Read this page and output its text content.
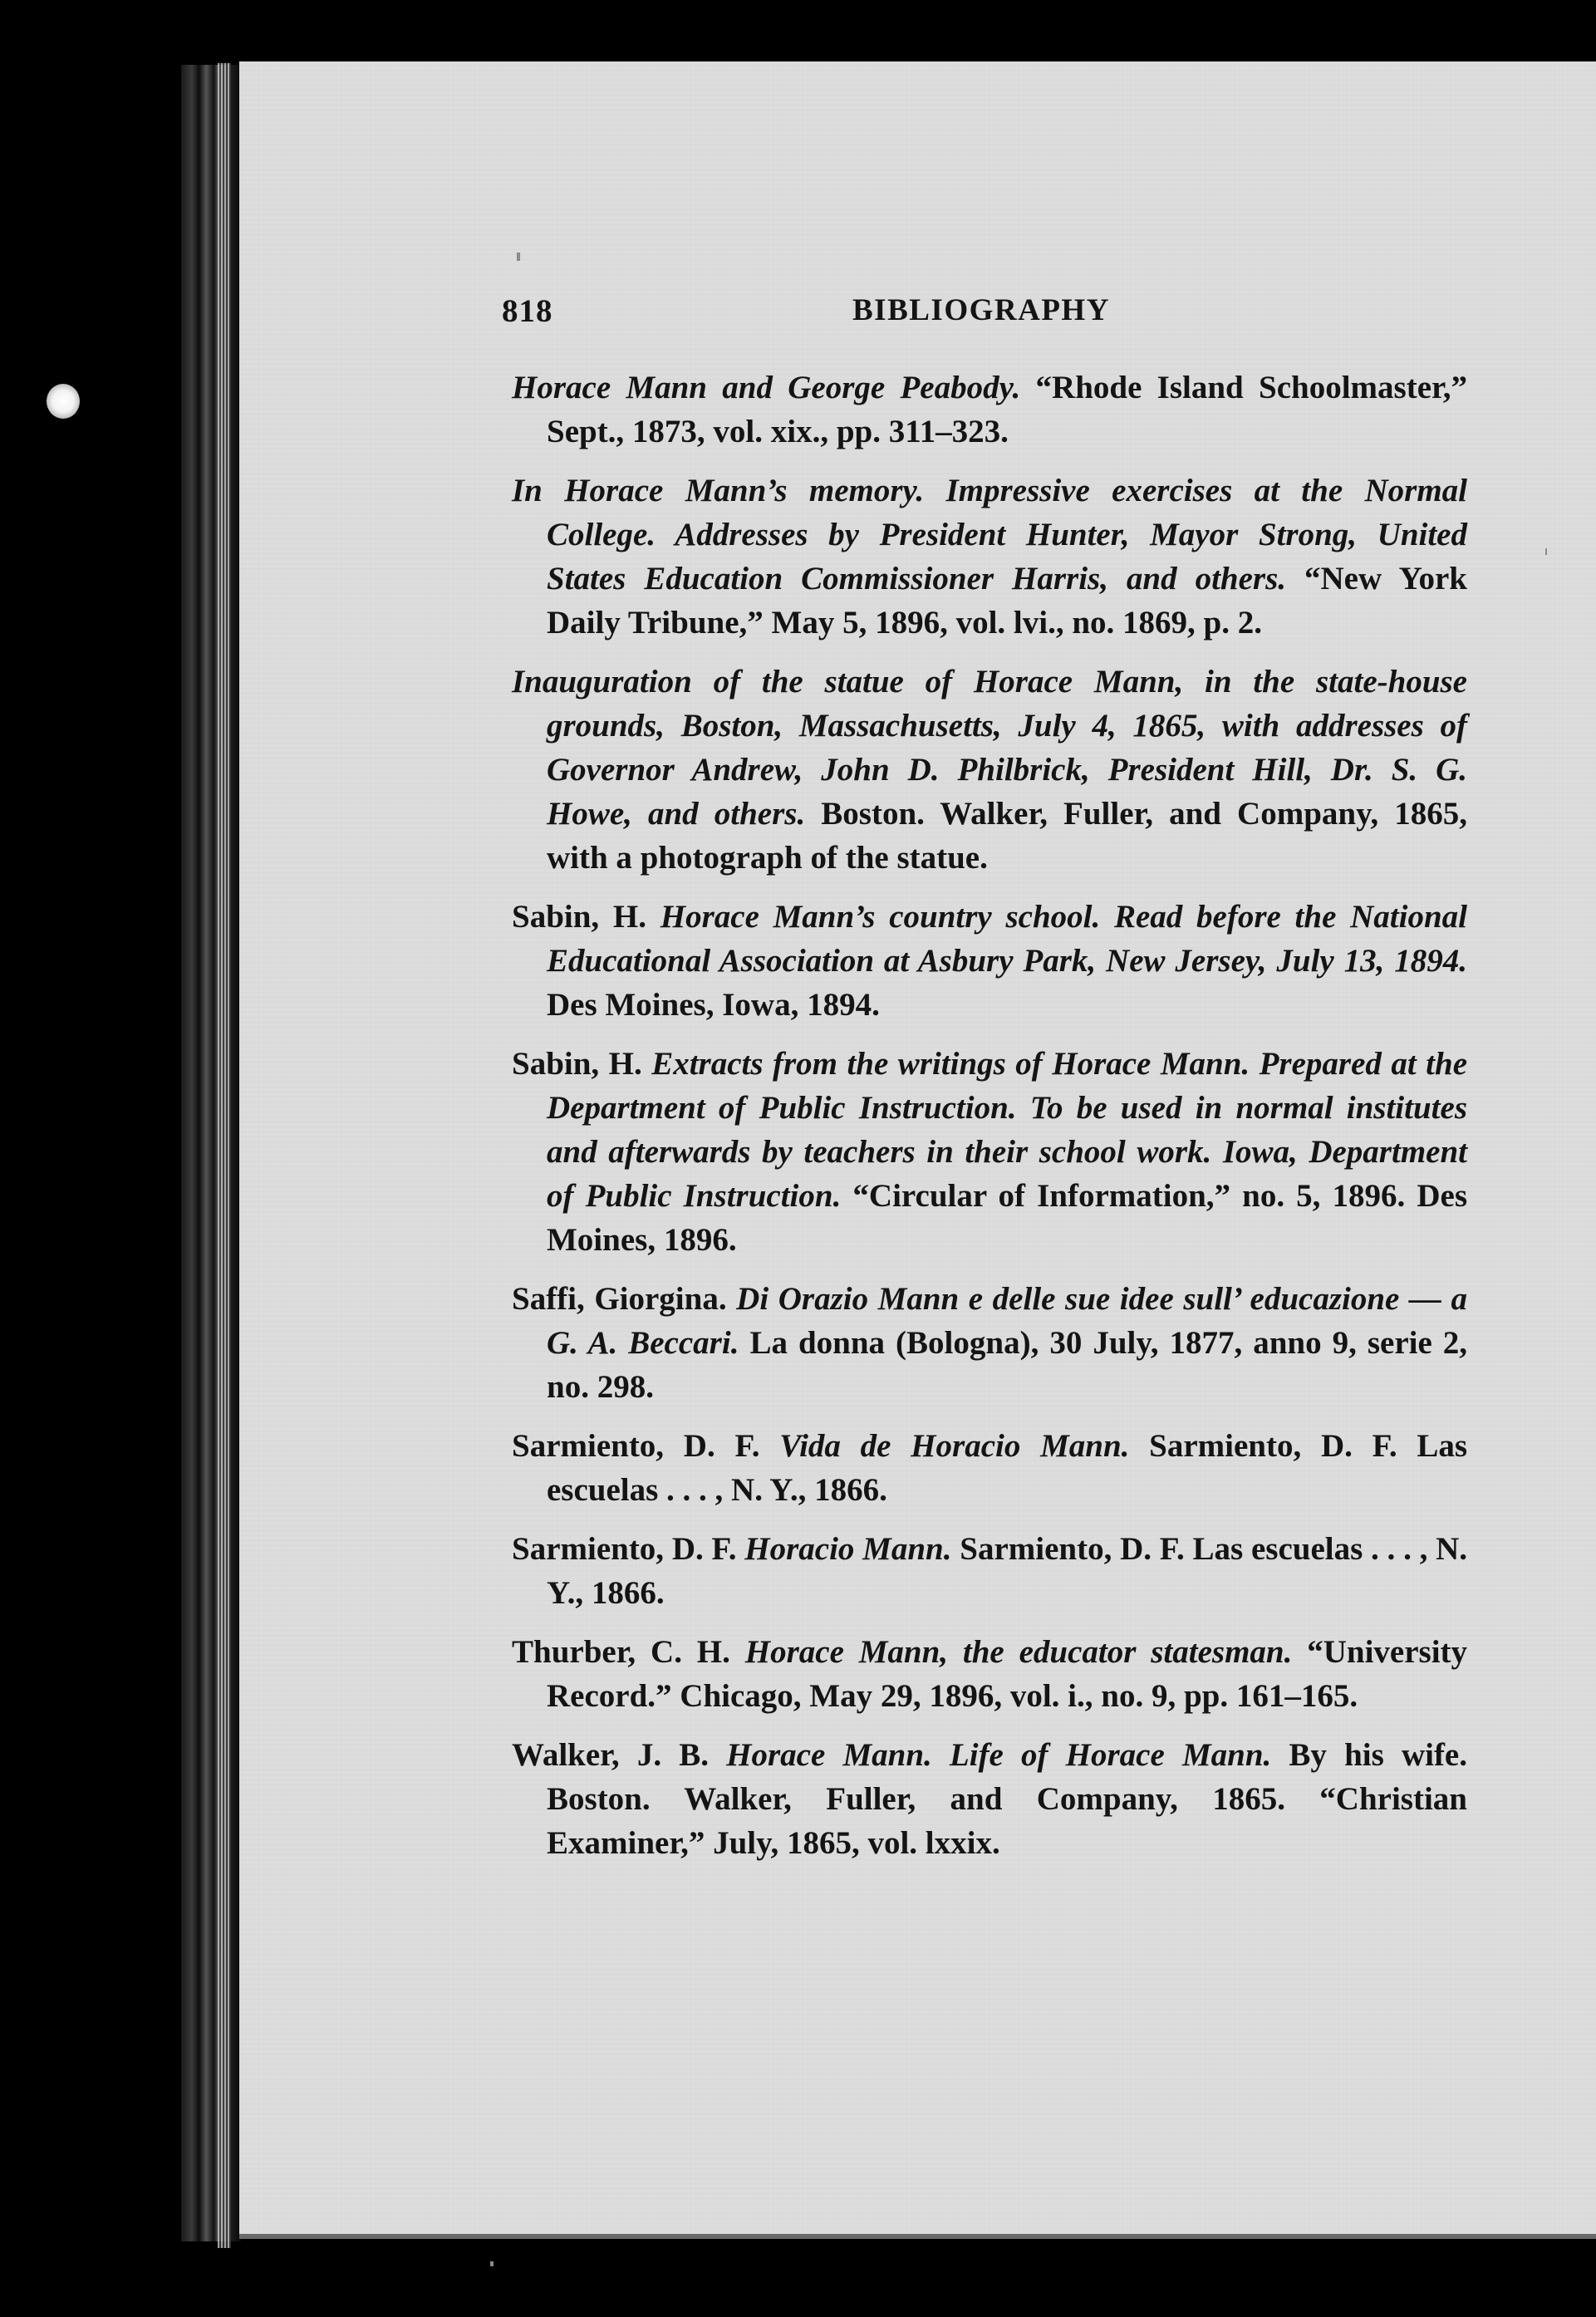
818	BIBLIOGRAPHY

Horace Mann and George Peabody. “Rhode Island Schoolmaster,” Sept., 1873, vol. xix., pp. 311–323.

In Horace Mann’s memory. Impressive exercises at the Normal College. Addresses by President Hunter, Mayor Strong, United States Education Commissioner Harris, and others. “New York Daily Tribune,” May 5, 1896, vol. lvi., no. 1869, p. 2.

Inauguration of the statue of Horace Mann, in the state-house grounds, Boston, Massachusetts, July 4, 1865, with addresses of Governor Andrew, John D. Philbrick, President Hill, Dr. S. G. Howe, and others. Boston. Walker, Fuller, and Company, 1865, with a photograph of the statue.

Sabin, H. Horace Mann’s country school. Read before the National Educational Association at Asbury Park, New Jersey, July 13, 1894. Des Moines, Iowa, 1894.

Sabin, H. Extracts from the writings of Horace Mann. Prepared at the Department of Public Instruction. To be used in normal institutes and afterwards by teachers in their school work. Iowa, Department of Public Instruction. “Circular of Information,” no. 5, 1896. Des Moines, 1896.

Saffi, Giorgina. Di Orazio Mann e delle sue idee sull’ educazione — a G. A. Beccari. La donna (Bologna), 30 July, 1877, anno 9, serie 2, no. 298.

Sarmiento, D. F. Vida de Horacio Mann. Sarmiento, D. F. Las escuelas . . . , N. Y., 1866.

Sarmiento, D. F. Horacio Mann. Sarmiento, D. F. Las escuelas . . . , N. Y., 1866.

Thurber, C. H. Horace Mann, the educator statesman. “University Record.” Chicago, May 29, 1896, vol. i., no. 9, pp. 161–165.

Walker, J. B. Horace Mann. Life of Horace Mann. By his wife. Boston. Walker, Fuller, and Company, 1865. “Christian Examiner,” July, 1865, vol. lxxix.
